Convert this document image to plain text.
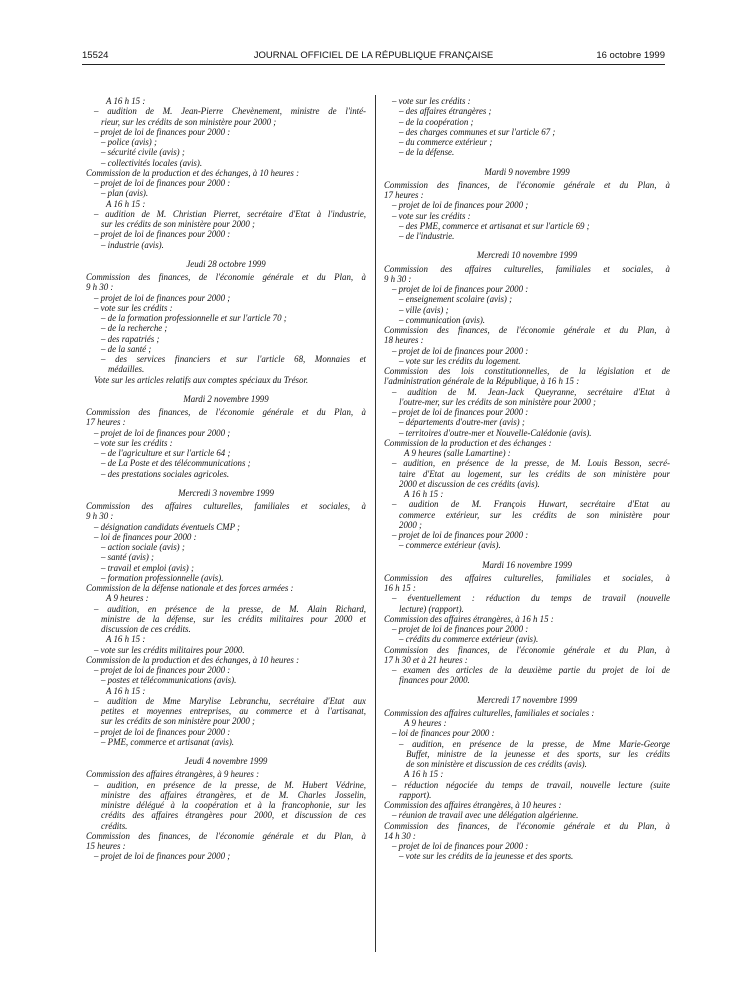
15524	JOURNAL OFFICIEL DE LA RÉPUBLIQUE FRANÇAISE	16 octobre 1999
A 16 h 15 :
– audition de M. Jean-Pierre Chevènement, ministre de l'inté-
rieur, sur les crédits de son ministère pour 2000 ;
– projet de loi de finances pour 2000 :
– police (avis) ;
– sécurité civile (avis) ;
– collectivités locales (avis).
Commission de la production et des échanges, à 10 heures :
– projet de loi de finances pour 2000 :
– plan (avis).
A 16 h 15 :
– audition de M. Christian Pierret, secrétaire d'Etat à l'industrie,
sur les crédits de son ministère pour 2000 ;
– projet de loi de finances pour 2000 :
– industrie (avis).
Jeudi 28 octobre 1999
Commission des finances, de l'économie générale et du Plan, à
9 h 30 :
– projet de loi de finances pour 2000 ;
– vote sur les crédits :
– de la formation professionnelle et sur l'article 70 ;
– de la recherche ;
– des rapatriés ;
– de la santé ;
– des services financiers et sur l'article 68, Monnaies et
médailles.
Vote sur les articles relatifs aux comptes spéciaux du Trésor.
Mardi 2 novembre 1999
Commission des finances, de l'économie générale et du Plan, à
17 heures :
– projet de loi de finances pour 2000 ;
– vote sur les crédits :
– de l'agriculture et sur l'article 64 ;
– de La Poste et des télécommunications ;
– des prestations sociales agricoles.
Mercredi 3 novembre 1999
Commission des affaires culturelles, familiales et sociales, à
9 h 30 :
– désignation candidats éventuels CMP ;
– loi de finances pour 2000 :
– action sociale (avis) ;
– santé (avis) ;
– travail et emploi (avis) ;
– formation professionnelle (avis).
Commission de la défense nationale et des forces armées :
A 9 heures :
– audition, en présence de la presse, de M. Alain Richard,
ministre de la défense, sur les crédits militaires pour 2000 et
discussion de ces crédits.
A 16 h 15 :
– vote sur les crédits militaires pour 2000.
Commission de la production et des échanges, à 10 heures :
– projet de loi de finances pour 2000 :
– postes et télécommunications (avis).
A 16 h 15 :
– audition de Mme Marylise Lebranchu, secrétaire d'Etat aux
petites et moyennes entreprises, au commerce et à l'artisanat,
sur les crédits de son ministère pour 2000 ;
– projet de loi de finances pour 2000 :
– PME, commerce et artisanat (avis).
Jeudi 4 novembre 1999
Commission des affaires étrangères, à 9 heures :
– audition, en présence de la presse, de M. Hubert Védrine,
ministre des affaires étrangères, et de M. Charles Josselin,
ministre délégué à la coopération et à la francophonie, sur les
crédits des affaires étrangères pour 2000, et discussion de ces
crédits.
Commission des finances, de l'économie générale et du Plan, à
15 heures :
– projet de loi de finances pour 2000 ;
– vote sur les crédits :
– des affaires étrangères ;
– de la coopération ;
– des charges communes et sur l'article 67 ;
– du commerce extérieur ;
– de la défense.
Mardi 9 novembre 1999
Commission des finances, de l'économie générale et du Plan, à
17 heures :
– projet de loi de finances pour 2000 ;
– vote sur les crédits :
– des PME, commerce et artisanat et sur l'article 69 ;
– de l'industrie.
Mercredi 10 novembre 1999
Commission des affaires culturelles, familiales et sociales, à
9 h 30 :
– projet de loi de finances pour 2000 :
– enseignement scolaire (avis) ;
– ville (avis) ;
– communication (avis).
Commission des finances, de l'économie générale et du Plan, à
18 heures :
– projet de loi de finances pour 2000 :
– vote sur les crédits du logement.
Commission des lois constitutionnelles, de la législation et de
l'administration générale de la République, à 16 h 15 :
– audition de M. Jean-Jack Queyranne, secrétaire d'Etat à
l'outre-mer, sur les crédits de son ministère pour 2000 ;
– projet de loi de finances pour 2000 :
– départements d'outre-mer (avis) ;
– territoires d'outre-mer et Nouvelle-Calédonie (avis).
Commission de la production et des échanges :
A 9 heures (salle Lamartine) :
– audition, en présence de la presse, de M. Louis Besson, secré-
taire d'Etat au logement, sur les crédits de son ministère pour
2000 et discussion de ces crédits (avis).
A 16 h 15 :
– audition de M. François Huwart, secrétaire d'Etat au
commerce extérieur, sur les crédits de son ministère pour
2000 ;
– projet de loi de finances pour 2000 :
– commerce extérieur (avis).
Mardi 16 novembre 1999
Commission des affaires culturelles, familiales et sociales, à
16 h 15 :
– éventuellement : réduction du temps de travail (nouvelle
lecture) (rapport).
Commission des affaires étrangères, à 16 h 15 :
– projet de loi de finances pour 2000 :
– crédits du commerce extérieur (avis).
Commission des finances, de l'économie générale et du Plan, à
17 h 30 et à 21 heures :
– examen des articles de la deuxième partie du projet de loi de
finances pour 2000.
Mercredi 17 novembre 1999
Commission des affaires culturelles, familiales et sociales :
A 9 heures :
– loi de finances pour 2000 :
– audition, en présence de la presse, de Mme Marie-George
Buffet, ministre de la jeunesse et des sports, sur les crédits
de son ministère et discussion de ces crédits (avis).
A 16 h 15 :
– réduction négociée du temps de travail, nouvelle lecture (suite
rapport).
Commission des affaires étrangères, à 10 heures :
– réunion de travail avec une délégation algérienne.
Commission des finances, de l'économie générale et du Plan, à
14 h 30 :
– projet de loi de finances pour 2000 :
– vote sur les crédits de la jeunesse et des sports.
